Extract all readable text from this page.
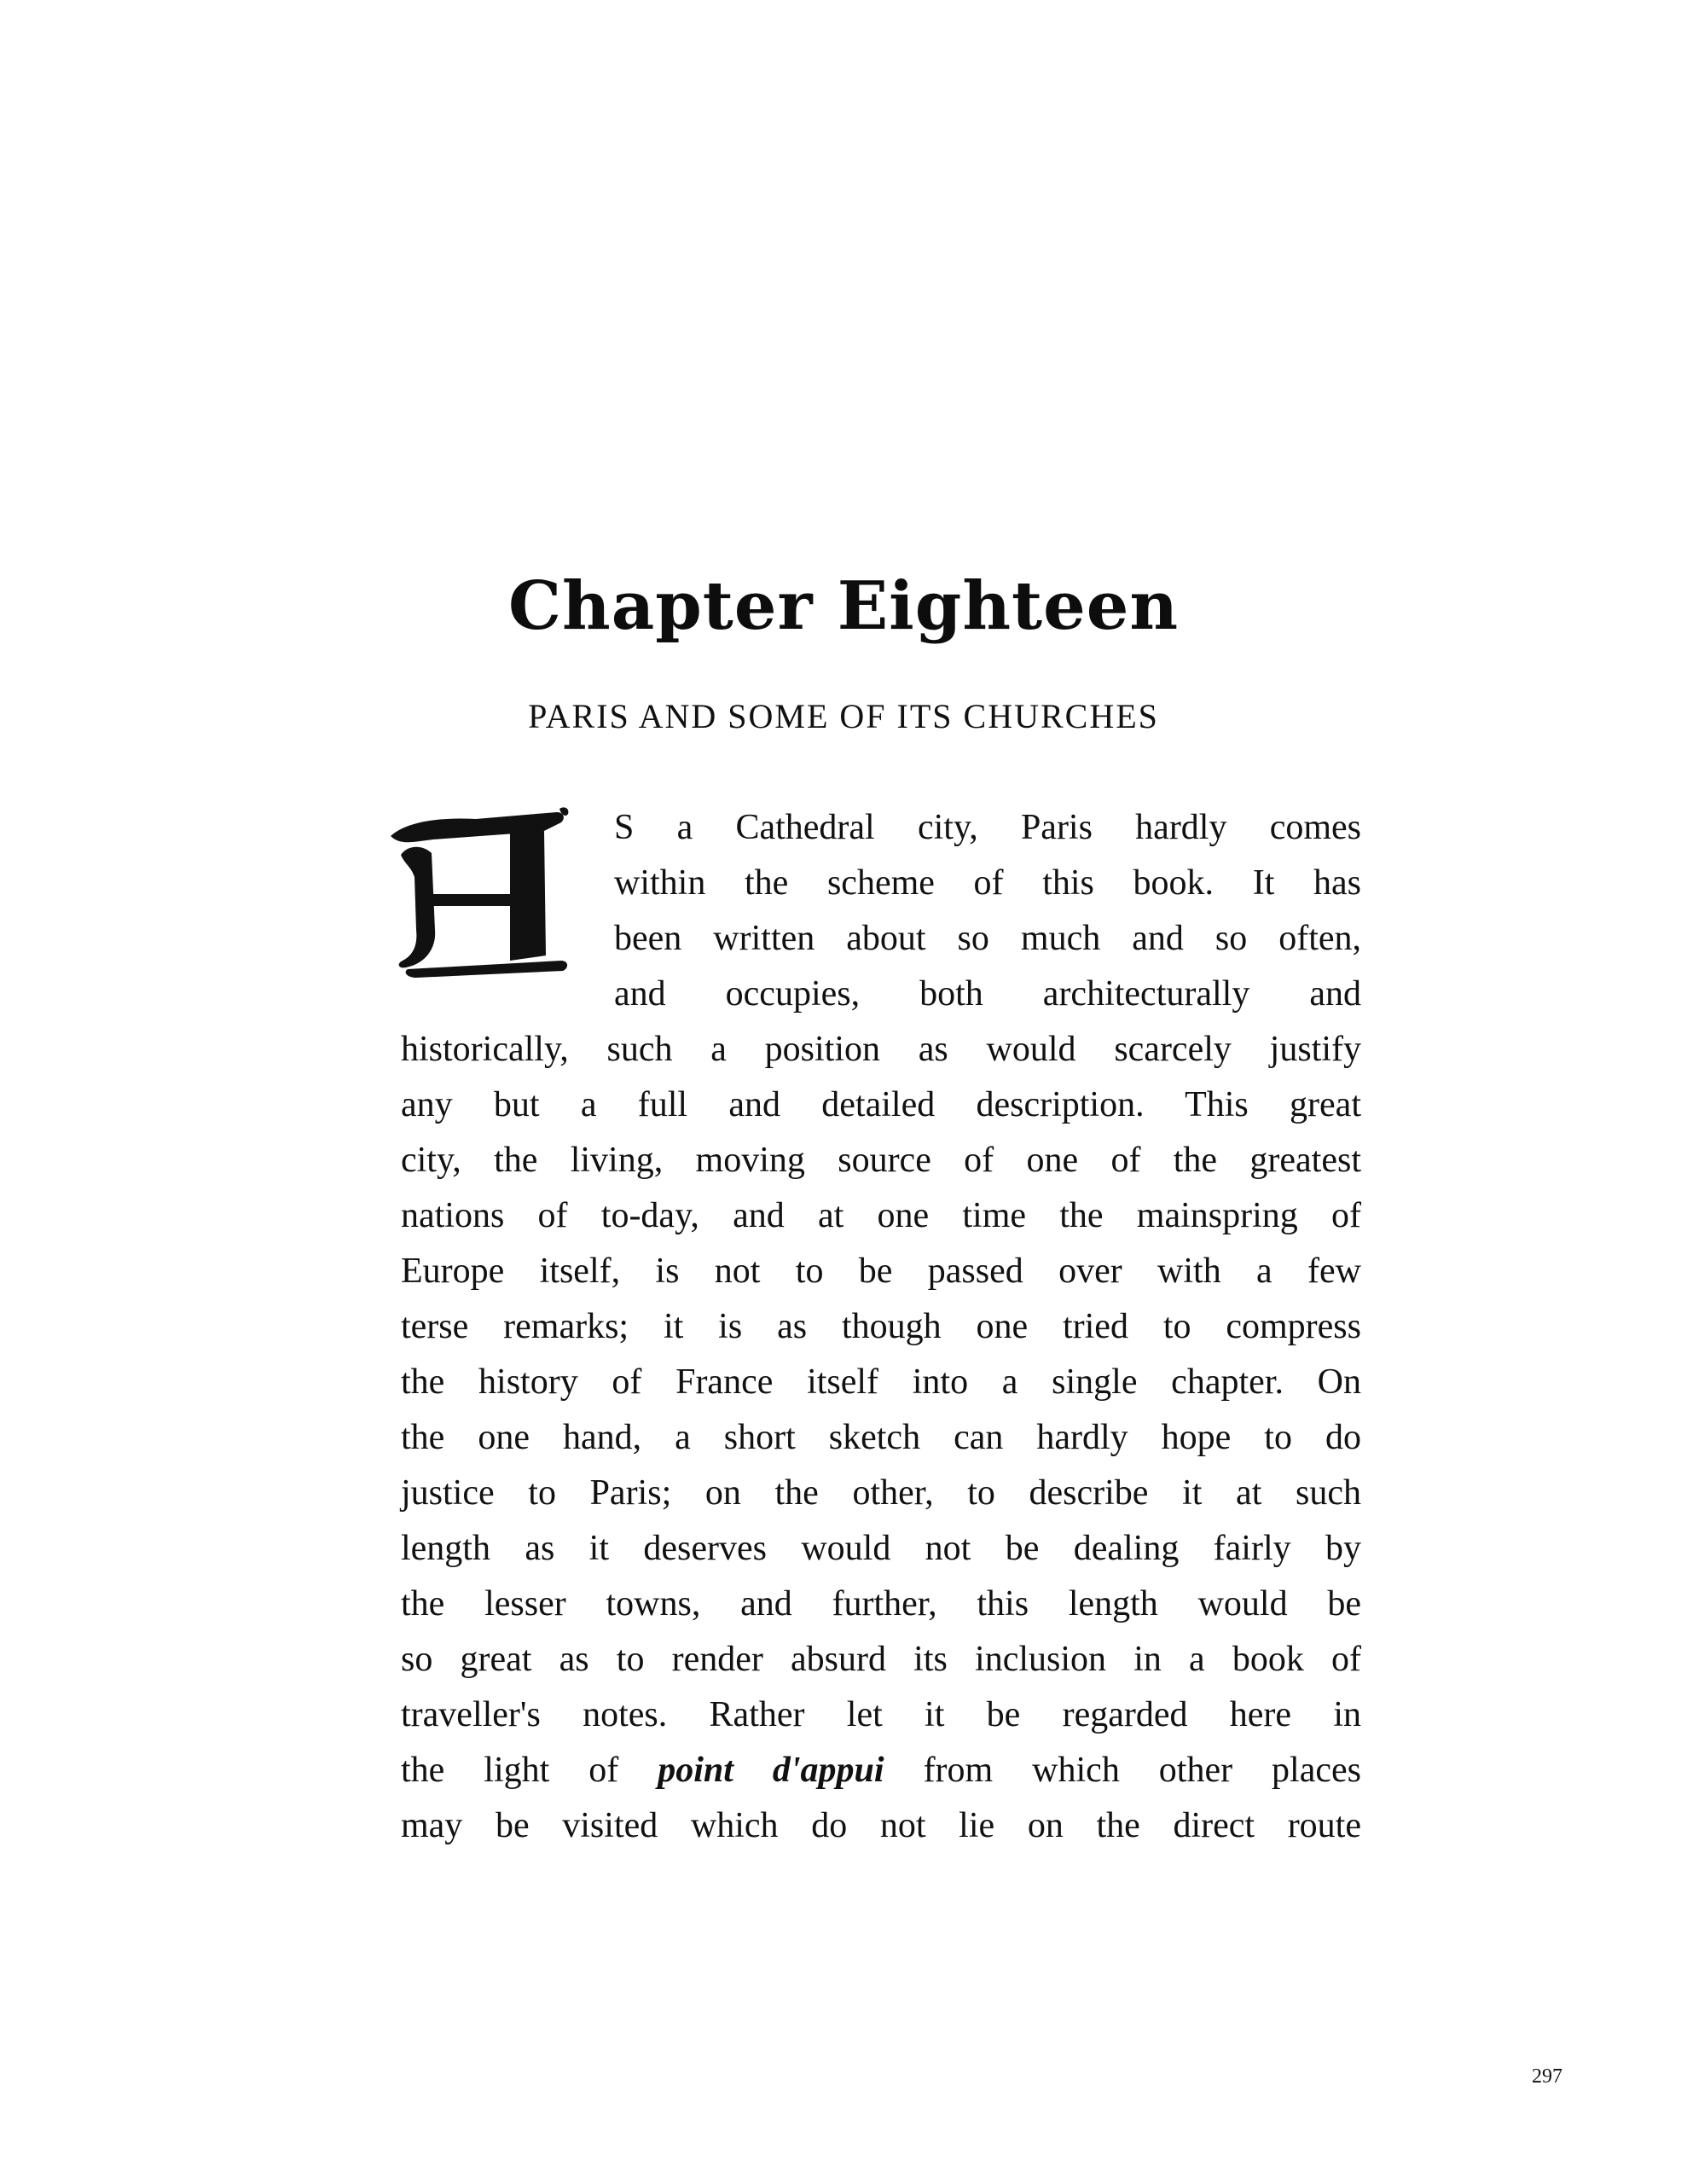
Chapter Eighteen
PARIS AND SOME OF ITS CHURCHES
S a Cathedral city, Paris hardly comes
within the scheme of this book. It has
been written about so much and so often,
and occupies, both architecturally and
historically, such a position as would scarcely justify
any but a full and detailed description. This great
city, the living, moving source of one of the greatest
nations of to-day, and at one time the mainspring of
Europe itself, is not to be passed over with a few
terse remarks; it is as though one tried to compress
the history of France itself into a single chapter. On
the one hand, a short sketch can hardly hope to do
justice to Paris; on the other, to describe it at such
length as it deserves would not be dealing fairly by
the lesser towns, and further, this length would be
so great as to render absurd its inclusion in a book of
traveller's notes. Rather let it be regarded here in
the light of point d'appui from which other places
may be visited which do not lie on the direct route
297
